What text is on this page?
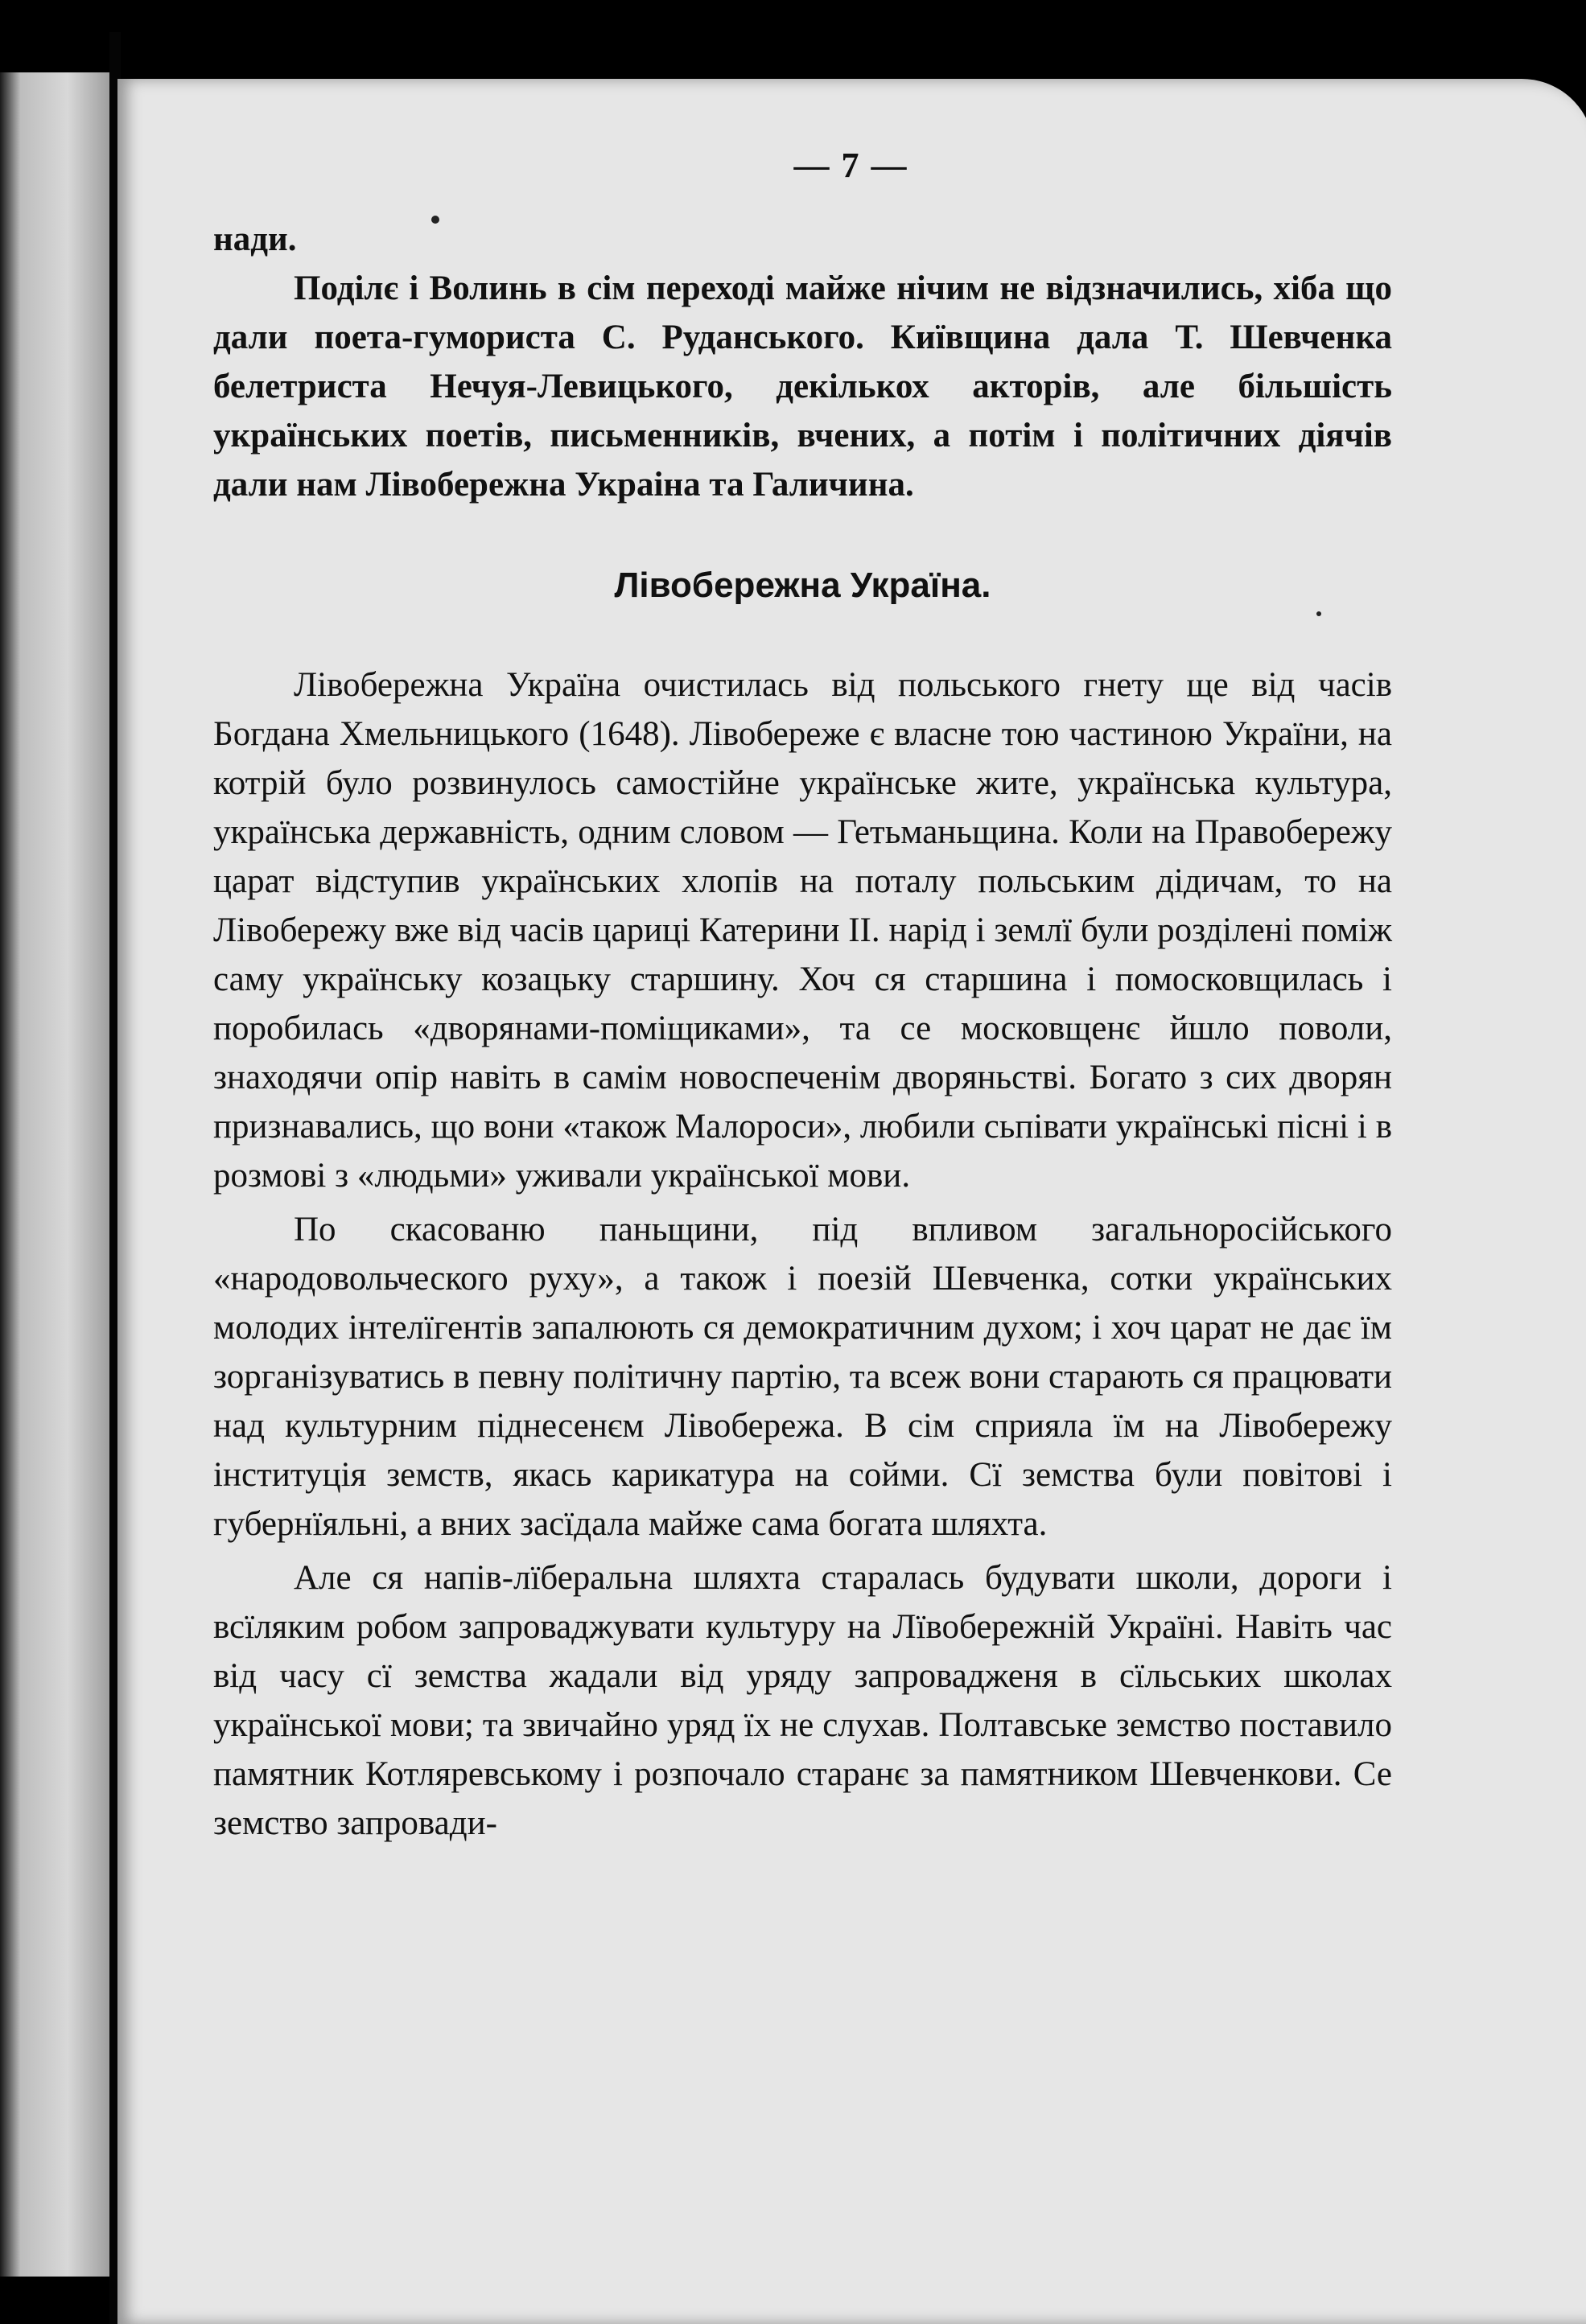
— 7 —

нади.

Поділє і Волинь в сім переході майже нічим не відзначились, хіба що дали поета-гумориста С. Руданського. Київщина дала Т. Шевченка белетриста Нечуя-Левицького, декількох акторів, але більшість українських поетів, письменників, вчених, а потім і політичних діячів дали нам Лівобережна Украіна та Галичина.

Лівобережна Україна.

Лівобережна Україна очистилась від польського гнету ще від часів Богдана Хмельницького (1648). Лівобереже є власне тою частиною України, на котрій було розвинулось самостійне українське жите, українська культура, українська державність, одним словом — Гетьманьщина. Коли на Правобережу царат відступив українських хлопів на поталу польським дідичам, то на Лівобережу вже від часів цариці Катерини II. нарід і землї були розділені поміж саму українську козацьку старшину. Хоч ся старшина і помосковщилась і поробилась «дворянами-поміщиками», та се московщенє йшло поволи, знаходячи опір навіть в самім новоспеченім дворяньстві. Богато з сих дворян признавались, що вони «також Малороси», любили сьпівати українські пісні і в розмові з «людьми» уживали української мови.

По скасованю паньщини, під впливом загальноросійського «народовольческого руху», а також і поезій Шевченка, сотки українських молодих інтелїгентів запалюють ся демократичним духом; і хоч царат не дає їм зорганізуватись в певну політичну партію, та всеж вони старають ся працювати над культурним піднесенєм Лівобережа. В сім сприяла їм на Лівобережу інституція земств, якась карикатура на сойми. Сї земства були повітові і губернїяльні, а вних засїдала майже сама богата шляхта.

Але ся напів-лїберальна шляхта старалась будувати школи, дороги і всїляким робом запроваджувати культуру на Лївобережній Україні. Навіть час від часу сї земства жадали від уряду запровадженя в сїльських школах української мови; та звичайно уряд їх не слухав. Полтавське земство поставило памятник Котляревському і розпочало старанє за памятником Шевченкови. Се земство запровади-
